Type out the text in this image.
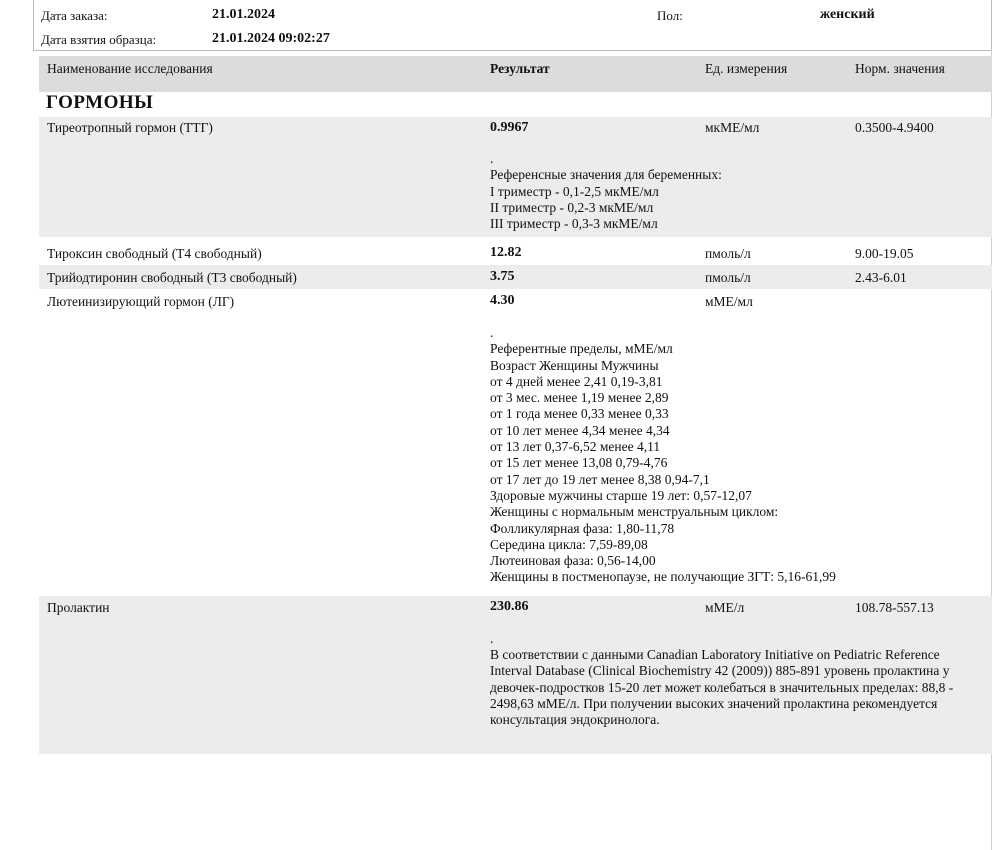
Дата заказа:	21.01.2024
Дата взятия образца:	21.01.2024 09:02:27
Пол:	женский
Наименование исследования	Результат	Ед. измерения	Норм. значения
ГОРМОНЫ
Тиреотропный гормон (ТТГ)	0.9967	мкМЕ/мл	0.3500-4.9400
.
Референсные значения для беременных:
I триместр - 0,1-2,5 мкМЕ/мл
II триместр - 0,2-3 мкМЕ/мл
III триместр - 0,3-3 мкМЕ/мл
Тироксин свободный (Т4 свободный)	12.82	пмоль/л	9.00-19.05
Трийодтиронин свободный (Т3 свободный)	3.75	пмоль/л	2.43-6.01
Лютеинизирующий гормон (ЛГ)	4.30	мМЕ/мл
.
Референтные пределы, мМЕ/мл
Возраст Женщины Мужчины
от 4 дней менее 2,41 0,19-3,81
от 3 мес. менее 1,19 менее 2,89
от 1 года менее 0,33 менее 0,33
от 10 лет менее 4,34 менее 4,34
от 13 лет 0,37-6,52 менее 4,11
от 15 лет менее 13,08 0,79-4,76
от 17 лет до 19 лет менее 8,38 0,94-7,1
Здоровые мужчины старше 19 лет: 0,57-12,07
Женщины с нормальным менструальным циклом:
Фолликулярная фаза: 1,80-11,78
Середина цикла: 7,59-89,08
Лютеиновая фаза: 0,56-14,00
Женщины в постменопаузе, не получающие ЗГТ: 5,16-61,99
Пролактин	230.86	мМЕ/л	108.78-557.13
.
В соответствии с данными Canadian Laboratory Initiative on Pediatric Reference Interval Database (Clinical Biochemistry 42 (2009)) 885-891 уровень пролактина у девочек-подростков 15-20 лет может колебаться в значительных пределах: 88,8 - 2498,63 мМЕ/л. При получении высоких значений пролактина рекомендуется консультация эндокринолога.
